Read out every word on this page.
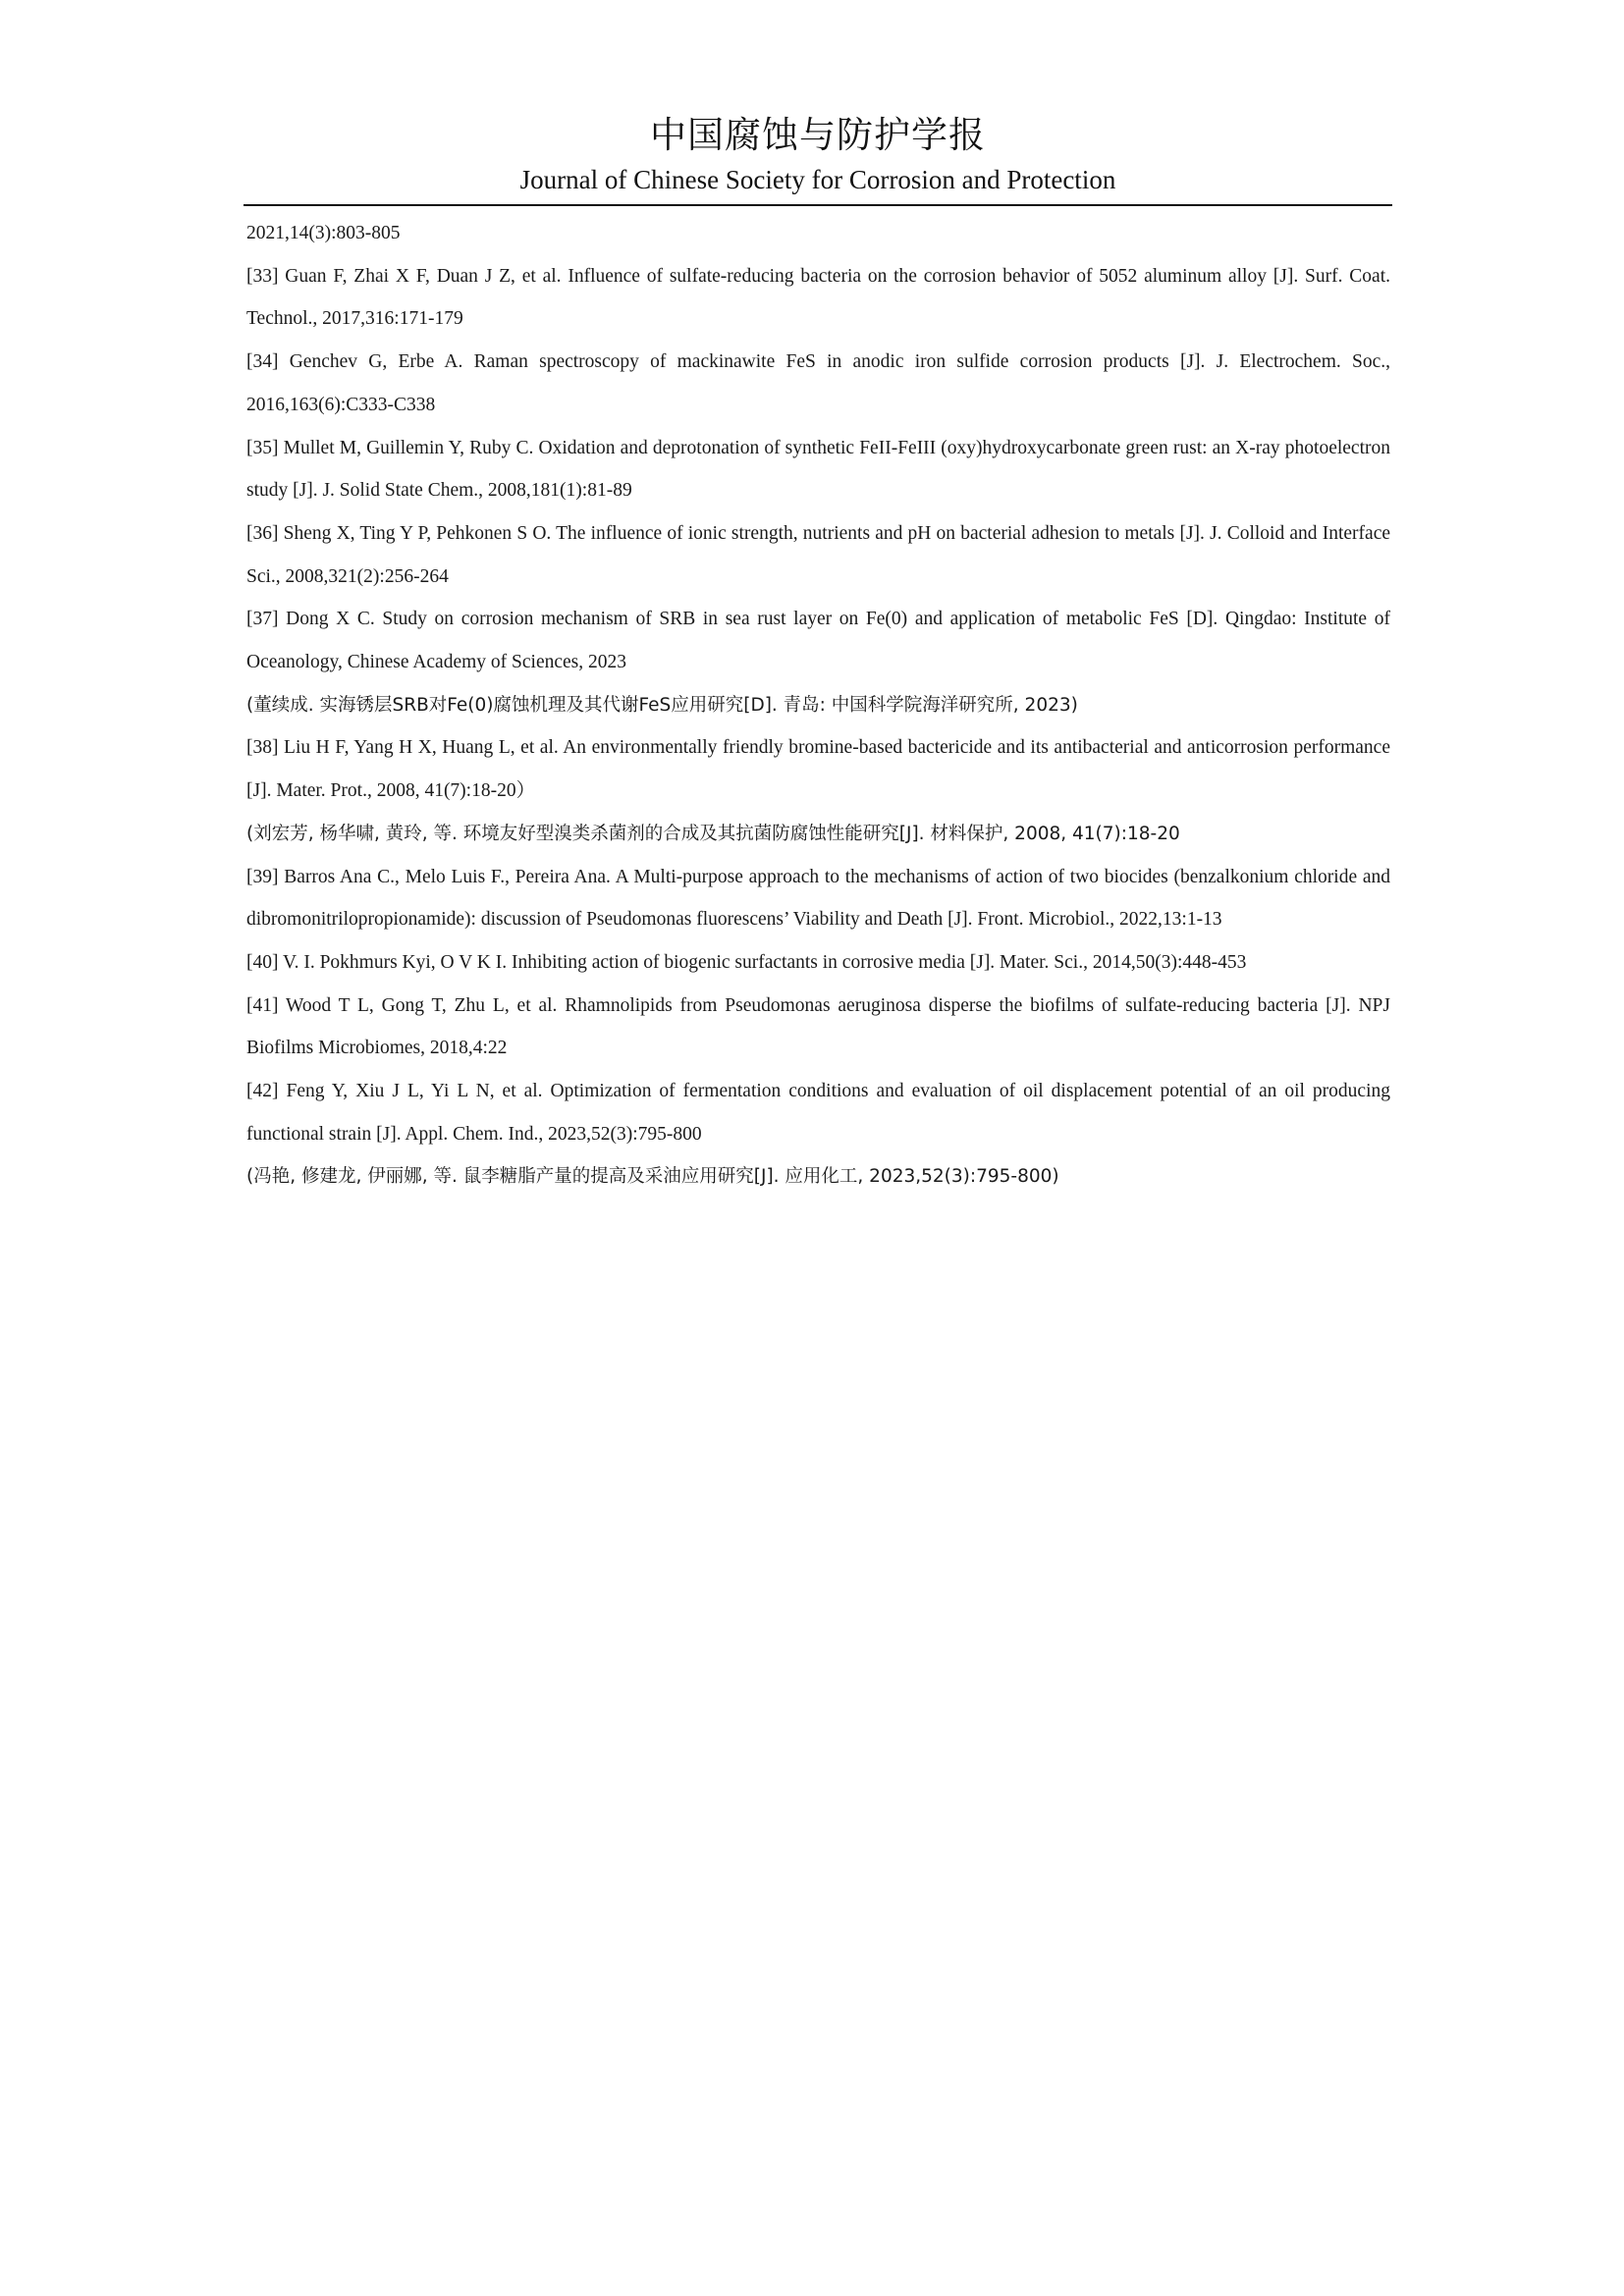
中国腐蚀与防护学报
Journal of Chinese Society for Corrosion and Protection

2021,14(3):803-805

[33] Guan F, Zhai X F, Duan J Z, et al. Influence of sulfate-reducing bacteria on the corrosion behavior of 5052 aluminum alloy [J]. Surf. Coat. Technol., 2017,316:171-179

[34] Genchev G, Erbe A. Raman spectroscopy of mackinawite FeS in anodic iron sulfide corrosion products [J]. J. Electrochem. Soc., 2016,163(6):C333-C338

[35] Mullet M, Guillemin Y, Ruby C. Oxidation and deprotonation of synthetic FeII-FeIII (oxy)hydroxycarbonate green rust: an X-ray photoelectron study [J]. J. Solid State Chem., 2008,181(1):81-89

[36] Sheng X, Ting Y P, Pehkonen S O. The influence of ionic strength, nutrients and pH on bacterial adhesion to metals [J]. J. Colloid and Interface Sci., 2008,321(2):256-264

[37] Dong X C. Study on corrosion mechanism of SRB in sea rust layer on Fe(0) and application of metabolic FeS [D]. Qingdao: Institute of Oceanology, Chinese Academy of Sciences, 2023

(董续成. 实海锈层SRB对Fe(0)腐蚀机理及其代谢FeS应用研究[D]. 青岛: 中国科学院海洋研究所, 2023)

[38] Liu H F, Yang H X, Huang L, et al. An environmentally friendly bromine-based bactericide and its antibacterial and anticorrosion performance [J]. Mater. Prot., 2008, 41(7):18-20）

(刘宏芳, 杨华啸, 黄玲, 等. 环境友好型溴类杀菌剂的合成及其抗菌防腐蚀性能研究[J]. 材料保护, 2008, 41(7):18-20

[39] Barros Ana C., Melo Luis F., Pereira Ana. A Multi-purpose approach to the mechanisms of action of two biocides (benzalkonium chloride and dibromonitrilopropionamide): discussion of Pseudomonas fluorescens’ Viability and Death [J]. Front. Microbiol., 2022,13:1-13

[40] V. I. Pokhmurs Kyi, O V K I. Inhibiting action of biogenic surfactants in corrosive media [J]. Mater. Sci., 2014,50(3):448-453

[41] Wood T L, Gong T, Zhu L, et al. Rhamnolipids from Pseudomonas aeruginosa disperse the biofilms of sulfate-reducing bacteria [J]. NPJ Biofilms Microbiomes, 2018,4:22

[42] Feng Y, Xiu J L, Yi L N, et al. Optimization of fermentation conditions and evaluation of oil displacement potential of an oil producing functional strain [J]. Appl. Chem. Ind., 2023,52(3):795-800

(冯艳, 修建龙, 伊丽娜, 等. 鼠李糖脂产量的提高及采油应用研究[J]. 应用化工, 2023,52(3):795-800)
